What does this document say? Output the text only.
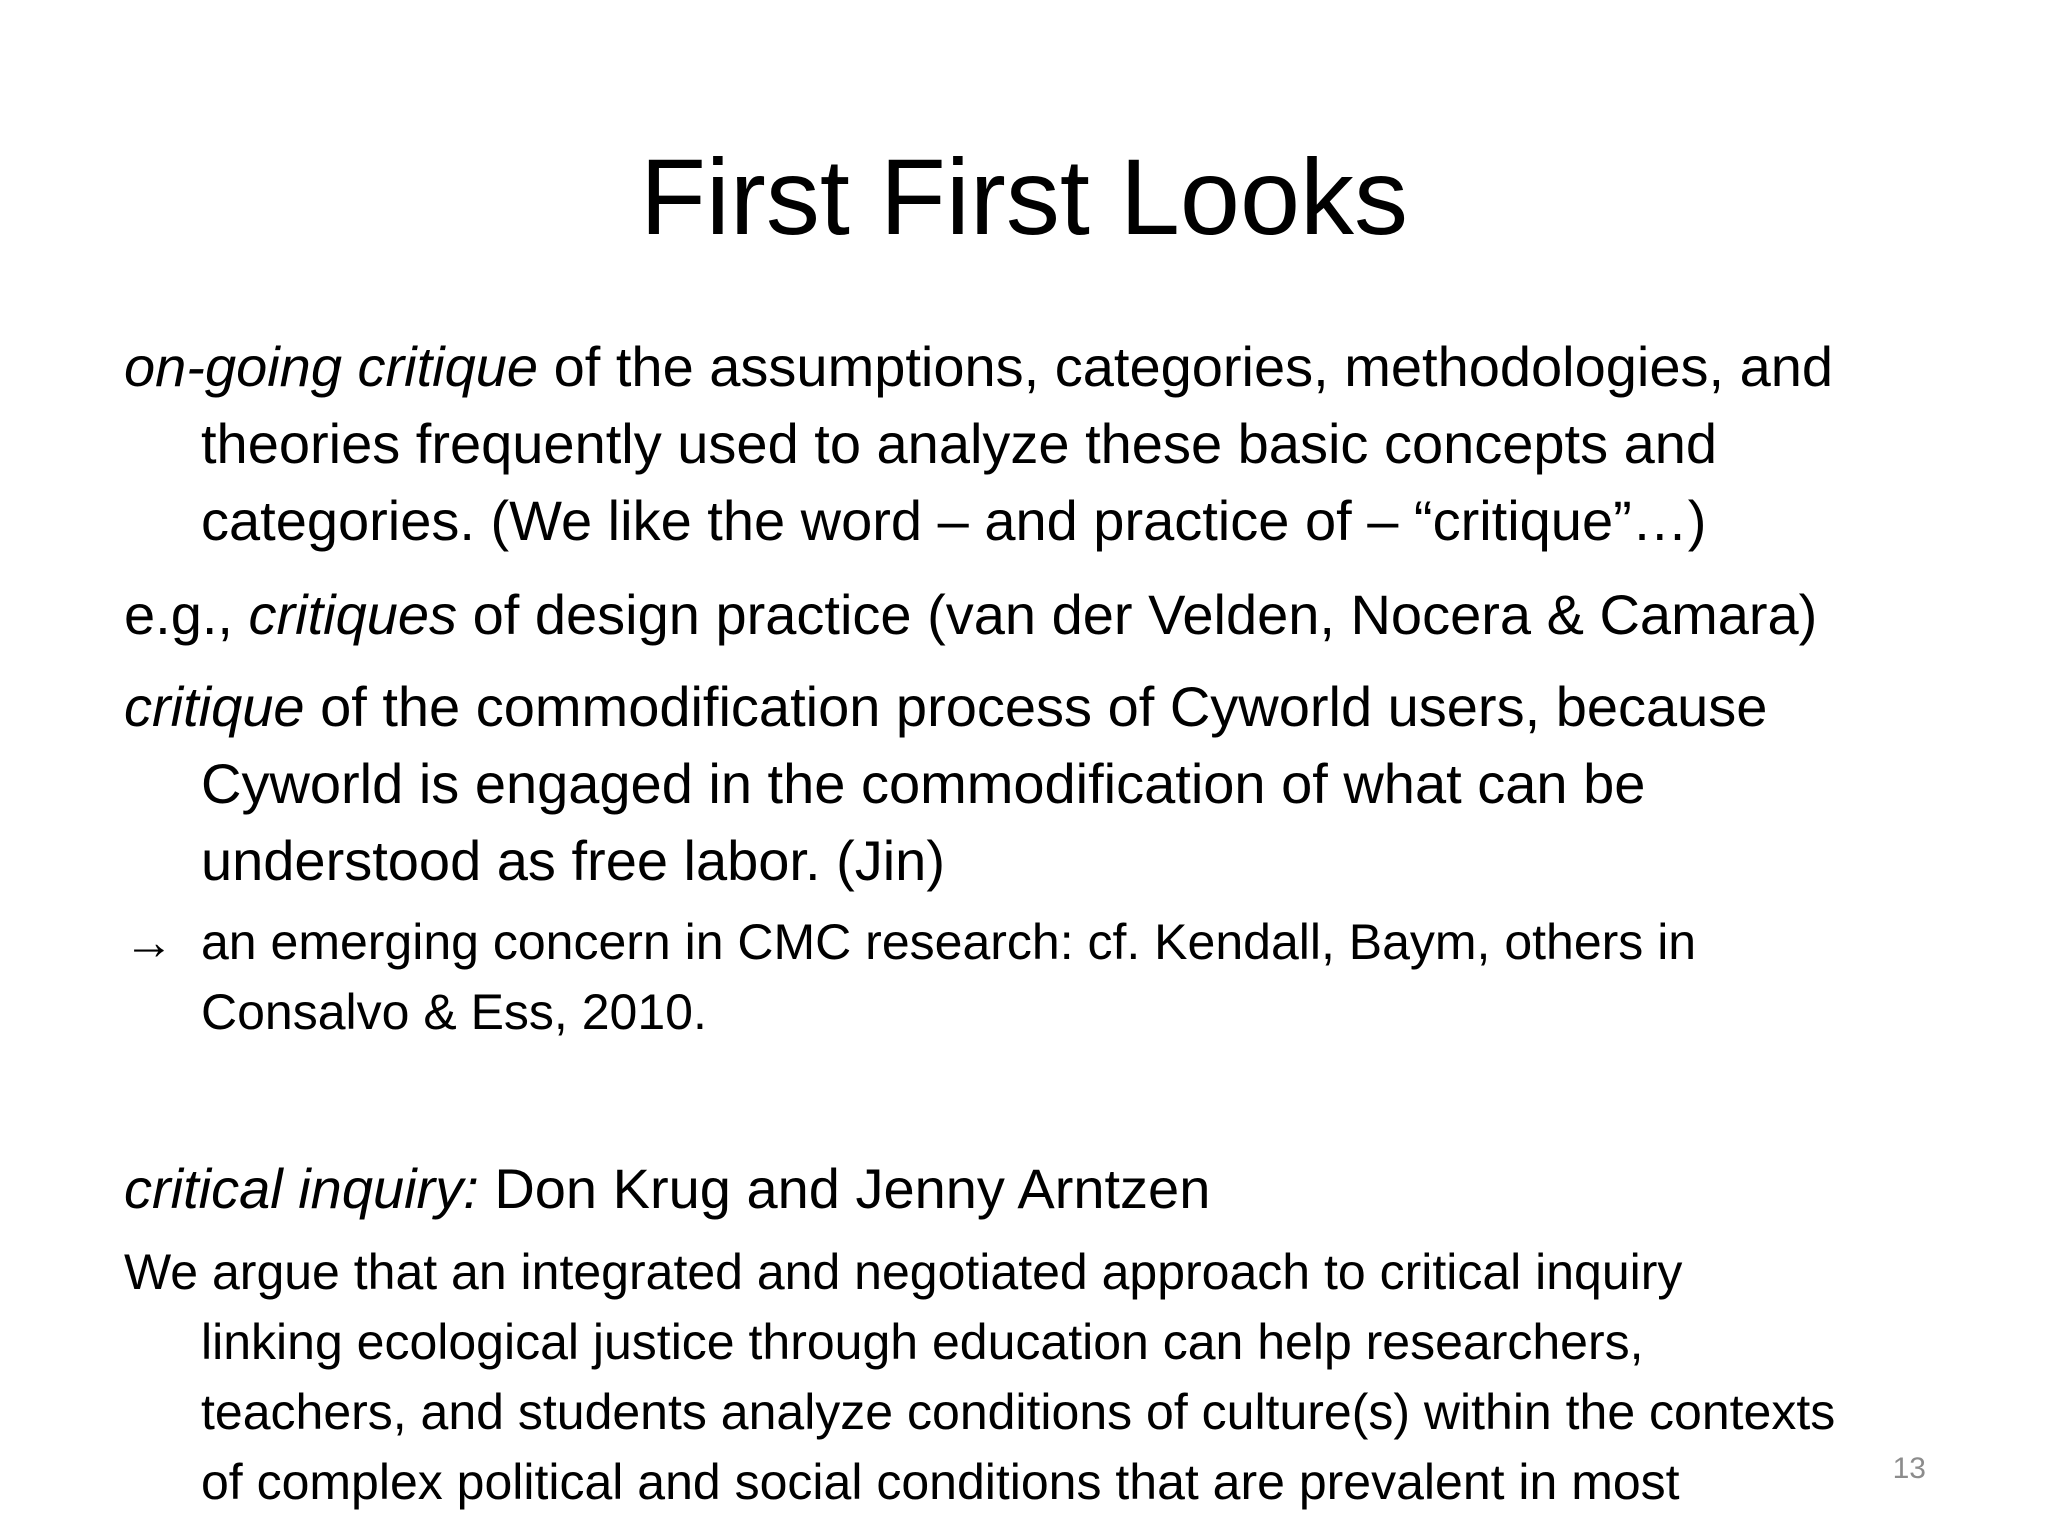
First First Looks
on-going critique of the assumptions, categories, methodologies, and
theories frequently used to analyze these basic concepts and
categories. (We like the word – and practice of – “critique”…)
e.g., critiques of design practice (van der Velden, Nocera & Camara)
critique of the commodification process of Cyworld users, because
Cyworld is engaged in the commodification of what can be
understood as free labor. (Jin)
→ an emerging concern in CMC research: cf. Kendall, Baym, others in
Consalvo & Ess, 2010.
critical inquiry: Don Krug and Jenny Arntzen
We argue that an integrated and negotiated approach to critical inquiry
linking ecological justice through education can help researchers,
teachers, and students analyze conditions of culture(s) within the contexts
of complex political and social conditions that are prevalent in most	13
